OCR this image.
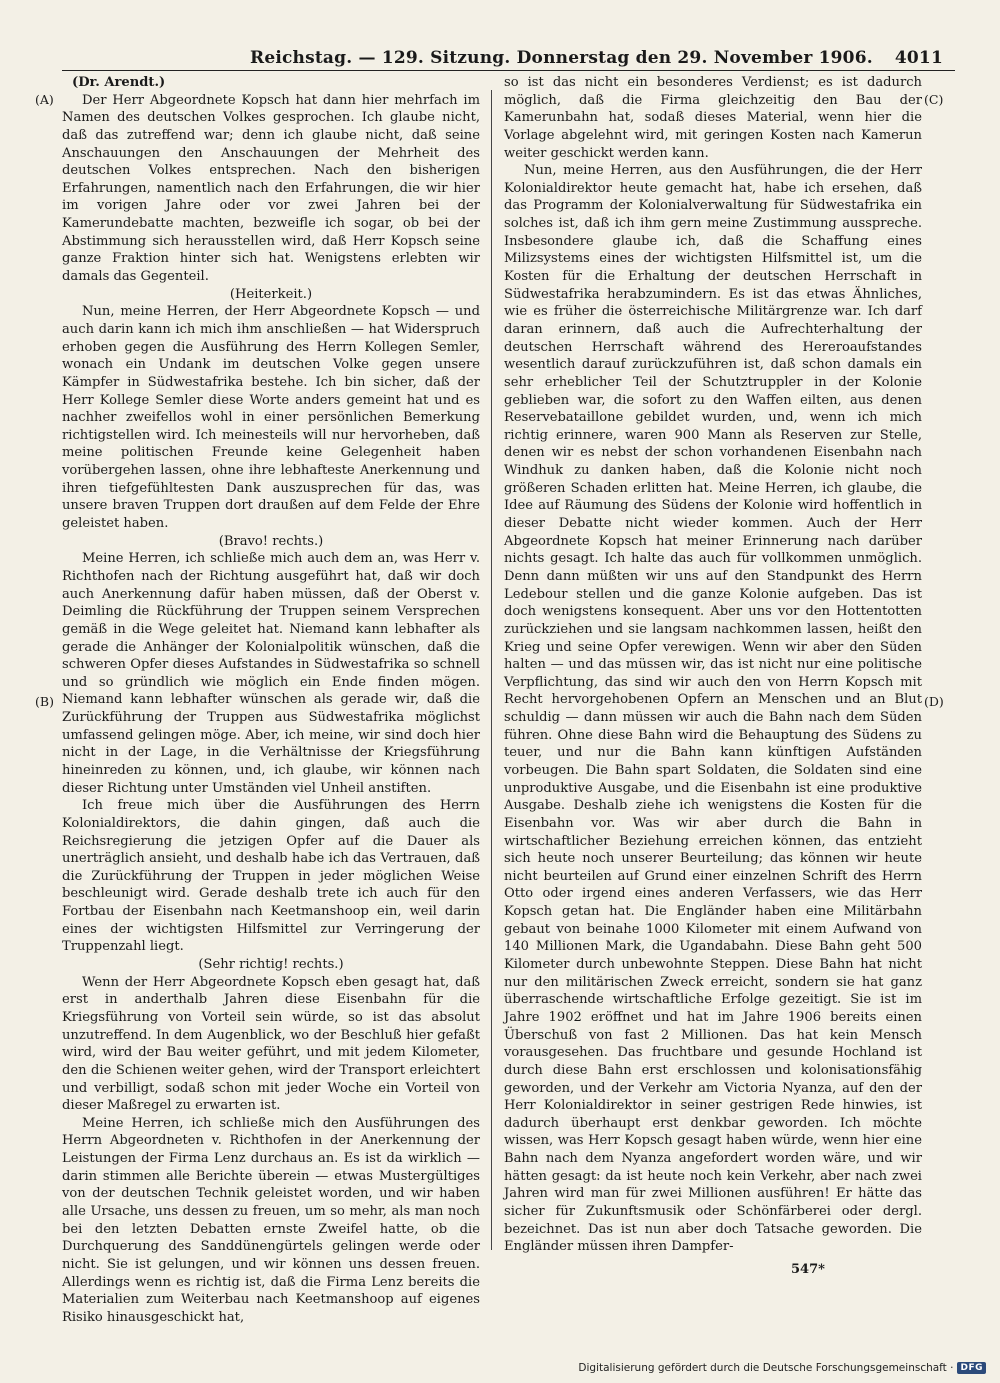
Reichstag. — 129. Sitzung. Donnerstag den 29. November 1906. 4011
(A)
(B)
(C)
(D)

(Dr. Arendt.)

Der Herr Abgeordnete Kopsch hat dann hier mehrfach im Namen des deutschen Volkes gesprochen. Ich glaube nicht, daß das zutreffend war; denn ich glaube nicht, daß seine Anschauungen den Anschauungen der Mehrheit des deutschen Volkes entsprechen. Nach den bisherigen Erfahrungen, namentlich nach den Erfahrungen, die wir hier im vorigen Jahre oder vor zwei Jahren bei der Kamerundebatte machten, bezweifle ich sogar, ob bei der Abstimmung sich herausstellen wird, daß Herr Kopsch seine ganze Fraktion hinter sich hat. Wenigstens erlebten wir damals das Gegenteil.

(Heiterkeit.)

Nun, meine Herren, der Herr Abgeordnete Kopsch — und auch darin kann ich mich ihm anschließen — hat Widerspruch erhoben gegen die Ausführung des Herrn Kollegen Semler, wonach ein Undank im deutschen Volke gegen unsere Kämpfer in Südwestafrika bestehe. Ich bin sicher, daß der Herr Kollege Semler diese Worte anders gemeint hat und es nachher zweifellos wohl in einer persönlichen Bemerkung richtigstellen wird. Ich meinesteils will nur hervorheben, daß meine politischen Freunde keine Gelegenheit haben vorübergehen lassen, ohne ihre lebhafteste Anerkennung und ihren tiefgefühltesten Dank auszusprechen für das, was unsere braven Truppen dort draußen auf dem Felde der Ehre geleistet haben.

(Bravo! rechts.)

Meine Herren, ich schließe mich auch dem an, was Herr v. Richthofen nach der Richtung ausgeführt hat, daß wir doch auch Anerkennung dafür haben müssen, daß der Oberst v. Deimling die Rückführung der Truppen seinem Versprechen gemäß in die Wege geleitet hat. Niemand kann lebhafter als gerade die Anhänger der Kolonialpolitik wünschen, daß die schweren Opfer dieses Aufstandes in Südwestafrika so schnell und so gründlich wie möglich ein Ende finden mögen. Niemand kann lebhafter wünschen als gerade wir, daß die Zurückführung der Truppen aus Südwestafrika möglichst umfassend gelingen möge. Aber, ich meine, wir sind doch hier nicht in der Lage, in die Verhältnisse der Kriegsführung hineinreden zu können, und, ich glaube, wir können nach dieser Richtung unter Umständen viel Unheil anstiften.

Ich freue mich über die Ausführungen des Herrn Kolonialdirektors, die dahin gingen, daß auch die Reichsregierung die jetzigen Opfer auf die Dauer als unerträglich ansieht, und deshalb habe ich das Vertrauen, daß die Zurückführung der Truppen in jeder möglichen Weise beschleunigt wird. Gerade deshalb trete ich auch für den Fortbau der Eisenbahn nach Keetmanshoop ein, weil darin eines der wichtigsten Hilfsmittel zur Verringerung der Truppenzahl liegt.

(Sehr richtig! rechts.)

Wenn der Herr Abgeordnete Kopsch eben gesagt hat, daß erst in anderthalb Jahren diese Eisenbahn für die Kriegsführung von Vorteil sein würde, so ist das absolut unzutreffend. In dem Augenblick, wo der Beschluß hier gefaßt wird, wird der Bau weiter geführt, und mit jedem Kilometer, den die Schienen weiter gehen, wird der Transport erleichtert und verbilligt, sodaß schon mit jeder Woche ein Vorteil von dieser Maßregel zu erwarten ist.

Meine Herren, ich schließe mich den Ausführungen des Herrn Abgeordneten v. Richthofen in der Anerkennung der Leistungen der Firma Lenz durchaus an. Es ist da wirklich — darin stimmen alle Berichte überein — etwas Mustergültiges von der deutschen Technik geleistet worden, und wir haben alle Ursache, uns dessen zu freuen, um so mehr, als man noch bei den letzten Debatten ernste Zweifel hatte, ob die Durchquerung des Sanddünengürtels gelingen werde oder nicht. Sie ist gelungen, und wir können uns dessen freuen. Allerdings wenn es richtig ist, daß die Firma Lenz bereits die Materialien zum Weiterbau nach Keetmanshoop auf eigenes Risiko hinausgeschickt hat,

so ist das nicht ein besonderes Verdienst; es ist dadurch möglich, daß die Firma gleichzeitig den Bau der Kamerunbahn hat, sodaß dieses Material, wenn hier die Vorlage abgelehnt wird, mit geringen Kosten nach Kamerun weiter geschickt werden kann.

Nun, meine Herren, aus den Ausführungen, die der Herr Kolonialdirektor heute gemacht hat, habe ich ersehen, daß das Programm der Kolonialverwaltung für Südwestafrika ein solches ist, daß ich ihm gern meine Zustimmung ausspreche. Insbesondere glaube ich, daß die Schaffung eines Milizsystems eines der wichtigsten Hilfsmittel ist, um die Kosten für die Erhaltung der deutschen Herrschaft in Südwestafrika herabzumindern. Es ist das etwas Ähnliches, wie es früher die österreichische Militärgrenze war. Ich darf daran erinnern, daß auch die Aufrechterhaltung der deutschen Herrschaft während des Hereroaufstandes wesentlich darauf zurückzuführen ist, daß schon damals ein sehr erheblicher Teil der Schutztruppler in der Kolonie geblieben war, die sofort zu den Waffen eilten, aus denen Reservebataillone gebildet wurden, und, wenn ich mich richtig erinnere, waren 900 Mann als Reserven zur Stelle, denen wir es nebst der schon vorhandenen Eisenbahn nach Windhuk zu danken haben, daß die Kolonie nicht noch größeren Schaden erlitten hat. Meine Herren, ich glaube, die Idee auf Räumung des Südens der Kolonie wird hoffentlich in dieser Debatte nicht wieder kommen. Auch der Herr Abgeordnete Kopsch hat meiner Erinnerung nach darüber nichts gesagt. Ich halte das auch für vollkommen unmöglich. Denn dann müßten wir uns auf den Standpunkt des Herrn Ledebour stellen und die ganze Kolonie aufgeben. Das ist doch wenigstens konsequent. Aber uns vor den Hottentotten zurückziehen und sie langsam nachkommen lassen, heißt den Krieg und seine Opfer verewigen. Wenn wir aber den Süden halten — und das müssen wir, das ist nicht nur eine politische Verpflichtung, das sind wir auch den von Herrn Kopsch mit Recht hervorgehobenen Opfern an Menschen und an Blut schuldig — dann müssen wir auch die Bahn nach dem Süden führen. Ohne diese Bahn wird die Behauptung des Südens zu teuer, und nur die Bahn kann künftigen Aufständen vorbeugen. Die Bahn spart Soldaten, die Soldaten sind eine unproduktive Ausgabe, und die Eisenbahn ist eine produktive Ausgabe. Deshalb ziehe ich wenigstens die Kosten für die Eisenbahn vor. Was wir aber durch die Bahn in wirtschaftlicher Beziehung erreichen können, das entzieht sich heute noch unserer Beurteilung; das können wir heute nicht beurteilen auf Grund einer einzelnen Schrift des Herrn Otto oder irgend eines anderen Verfassers, wie das Herr Kopsch getan hat. Die Engländer haben eine Militärbahn gebaut von beinahe 1000 Kilometer mit einem Aufwand von 140 Millionen Mark, die Ugandabahn. Diese Bahn geht 500 Kilometer durch unbewohnte Steppen. Diese Bahn hat nicht nur den militärischen Zweck erreicht, sondern sie hat ganz überraschende wirtschaftliche Erfolge gezeitigt. Sie ist im Jahre 1902 eröffnet und hat im Jahre 1906 bereits einen Überschuß von fast 2 Millionen. Das hat kein Mensch vorausgesehen. Das fruchtbare und gesunde Hochland ist durch diese Bahn erst erschlossen und kolonisationsfähig geworden, und der Verkehr am Victoria Nyanza, auf den der Herr Kolonialdirektor in seiner gestrigen Rede hinwies, ist dadurch überhaupt erst denkbar geworden. Ich möchte wissen, was Herr Kopsch gesagt haben würde, wenn hier eine Bahn nach dem Nyanza angefordert worden wäre, und wir hätten gesagt: da ist heute noch kein Verkehr, aber nach zwei Jahren wird man für zwei Millionen ausführen! Er hätte das sicher für Zukunftsmusik oder Schönfärberei oder dergl. bezeichnet. Das ist nun aber doch Tatsache geworden. Die Engländer müssen ihren Dampfer-

547*
Digitalisierung gefördert durch die Deutsche Forschungsgemeinschaft · DFG
